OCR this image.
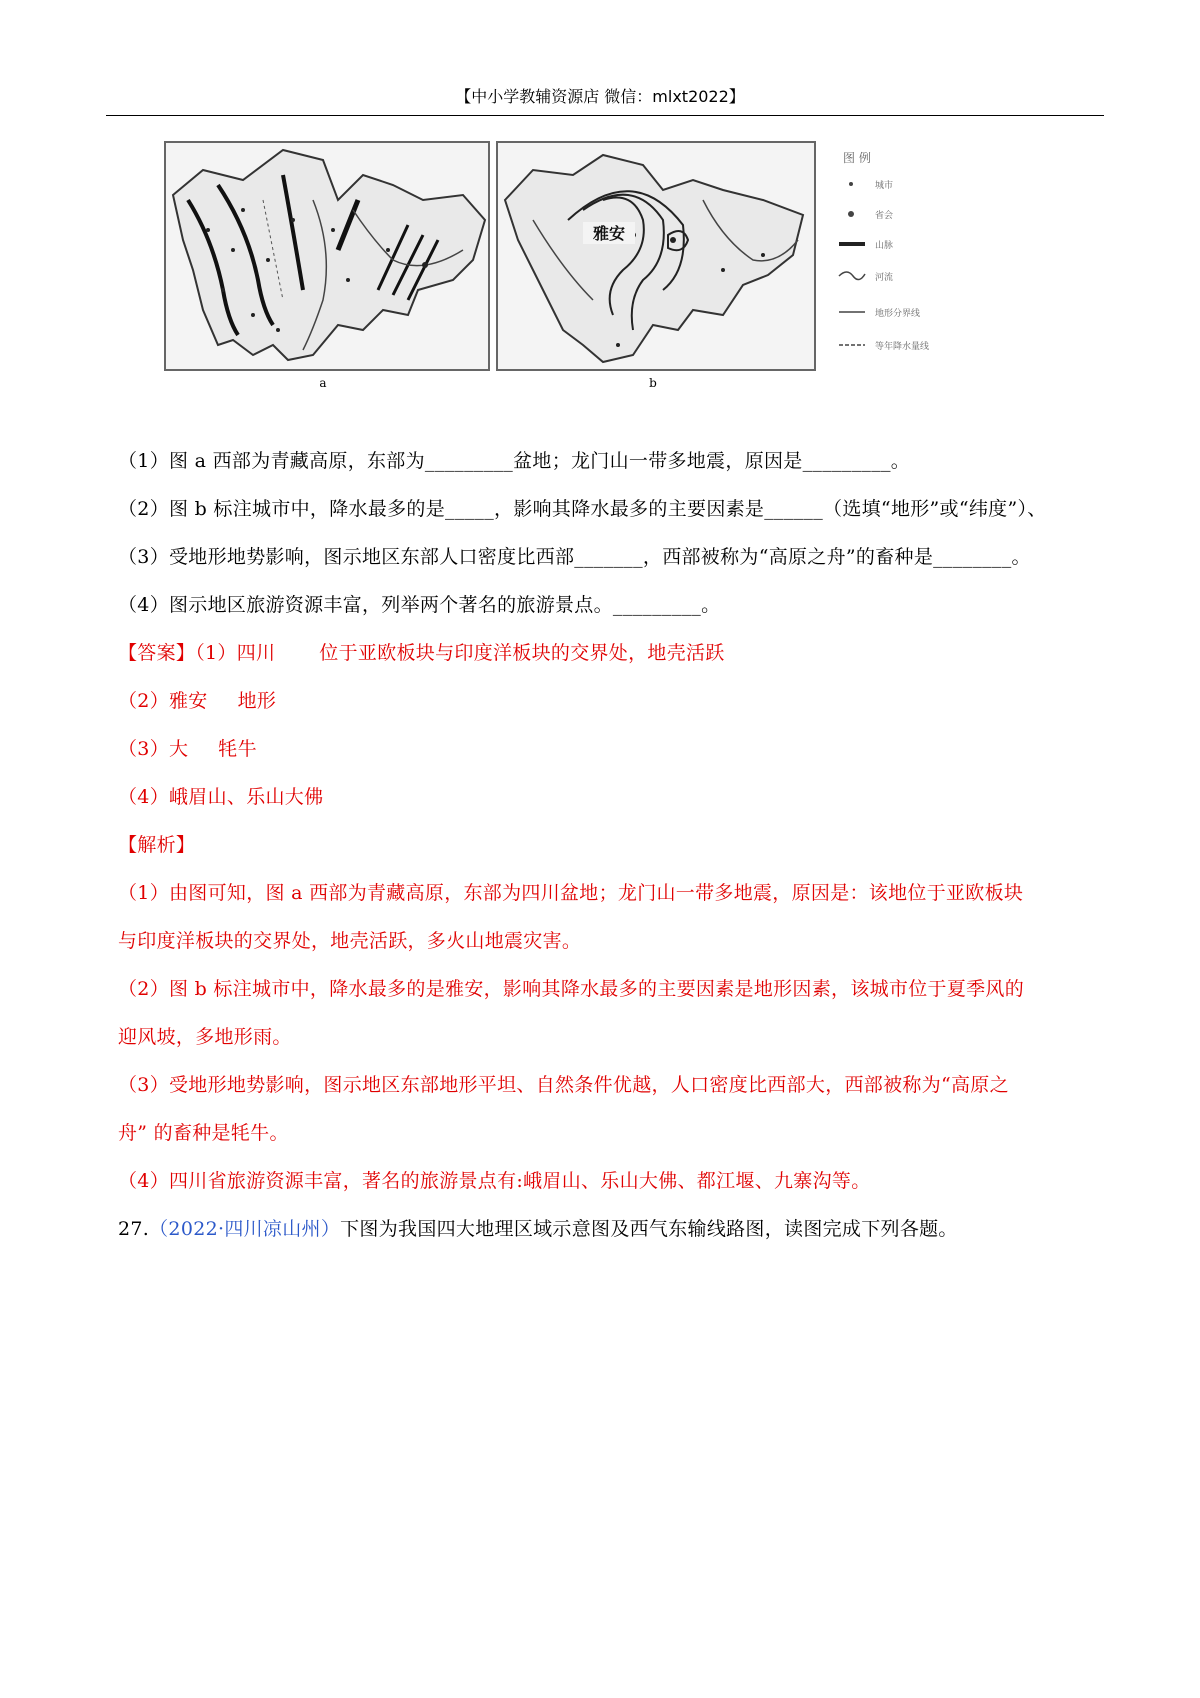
【中小学教辅资源店 微信：mlxt2022】
a
雅安
b
图 例
城市
省会
山脉
河流
地形分界线
等年降水量线
（1）图 a 西部为青藏高原，东部为_________盆地；龙门山一带多地震，原因是_________。
（2）图 b 标注城市中，降水最多的是_____，影响其降水最多的主要因素是______（选填“地形”或“纬度”）、
（3）受地形地势影响，图示地区东部人口密度比西部_______，西部被称为“高原之舟”的畜种是________。
（4）图示地区旅游资源丰富，列举两个著名的旅游景点。_________。
【答案】（1）四川 位于亚欧板块与印度洋板块的交界处，地壳活跃
（2）雅安 地形
（3）大 牦牛
（4）峨眉山、乐山大佛
【解析】
（1）由图可知，图 a 西部为青藏高原，东部为四川盆地；龙门山一带多地震，原因是：该地位于亚欧板块
与印度洋板块的交界处，地壳活跃，多火山地震灾害。
（2）图 b 标注城市中，降水最多的是雅安，影响其降水最多的主要因素是地形因素，该城市位于夏季风的
迎风坡，多地形雨。
（3）受地形地势影响，图示地区东部地形平坦、自然条件优越，人口密度比西部大，西部被称为“高原之
舟” 的畜种是牦牛。
（4）四川省旅游资源丰富，著名的旅游景点有:峨眉山、乐山大佛、都江堰、九寨沟等。
27.（2022·四川凉山州）下图为我国四大地理区域示意图及西气东输线路图，读图完成下列各题。
